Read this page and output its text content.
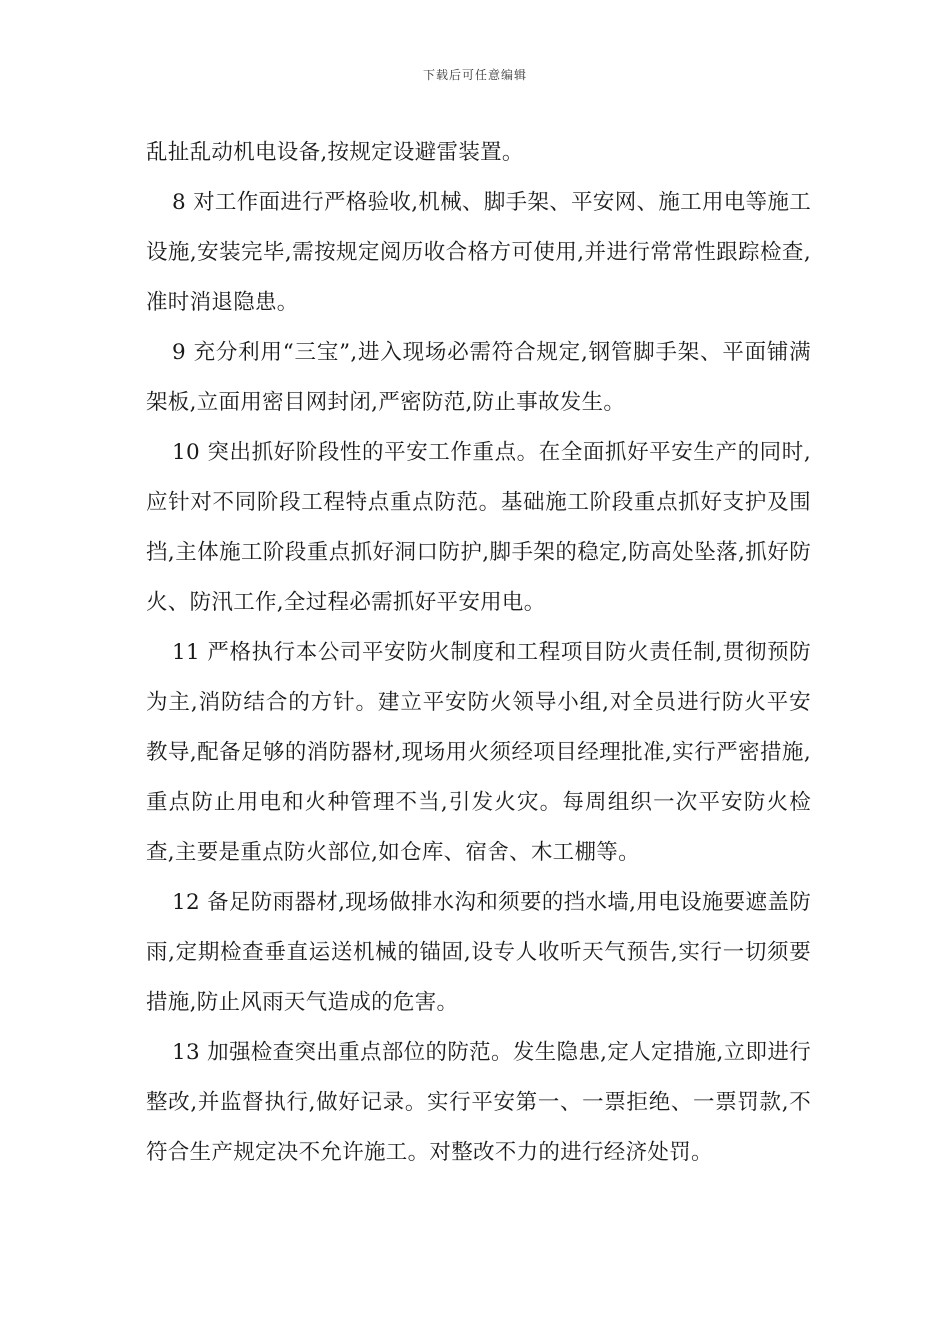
下载后可任意编辑

乱扯乱动机电设备,按规定设避雷装置。

8 对工作面进行严格验收,机械、脚手架、平安网、施工用电等施工设施,安装完毕,需按规定阅历收合格方可使用,并进行常常性跟踪检查,准时消退隐患。

9 充分利用“三宝”,进入现场必需符合规定,钢管脚手架、平面铺满架板,立面用密目网封闭,严密防范,防止事故发生。

10 突出抓好阶段性的平安工作重点。在全面抓好平安生产的同时,应针对不同阶段工程特点重点防范。基础施工阶段重点抓好支护及围挡,主体施工阶段重点抓好洞口防护,脚手架的稳定,防高处坠落,抓好防火、防汛工作,全过程必需抓好平安用电。

11 严格执行本公司平安防火制度和工程项目防火责任制,贯彻预防为主,消防结合的方针。建立平安防火领导小组,对全员进行防火平安教导,配备足够的消防器材,现场用火须经项目经理批准,实行严密措施,重点防止用电和火种管理不当,引发火灾。每周组织一次平安防火检查,主要是重点防火部位,如仓库、宿舍、木工棚等。

12 备足防雨器材,现场做排水沟和须要的挡水墙,用电设施要遮盖防雨,定期检查垂直运送机械的锚固,设专人收听天气预告,实行一切须要措施,防止风雨天气造成的危害。

13 加强检查突出重点部位的防范。发生隐患,定人定措施,立即进行整改,并监督执行,做好记录。实行平安第一、一票拒绝、一票罚款,不符合生产规定决不允许施工。对整改不力的进行经济处罚。
